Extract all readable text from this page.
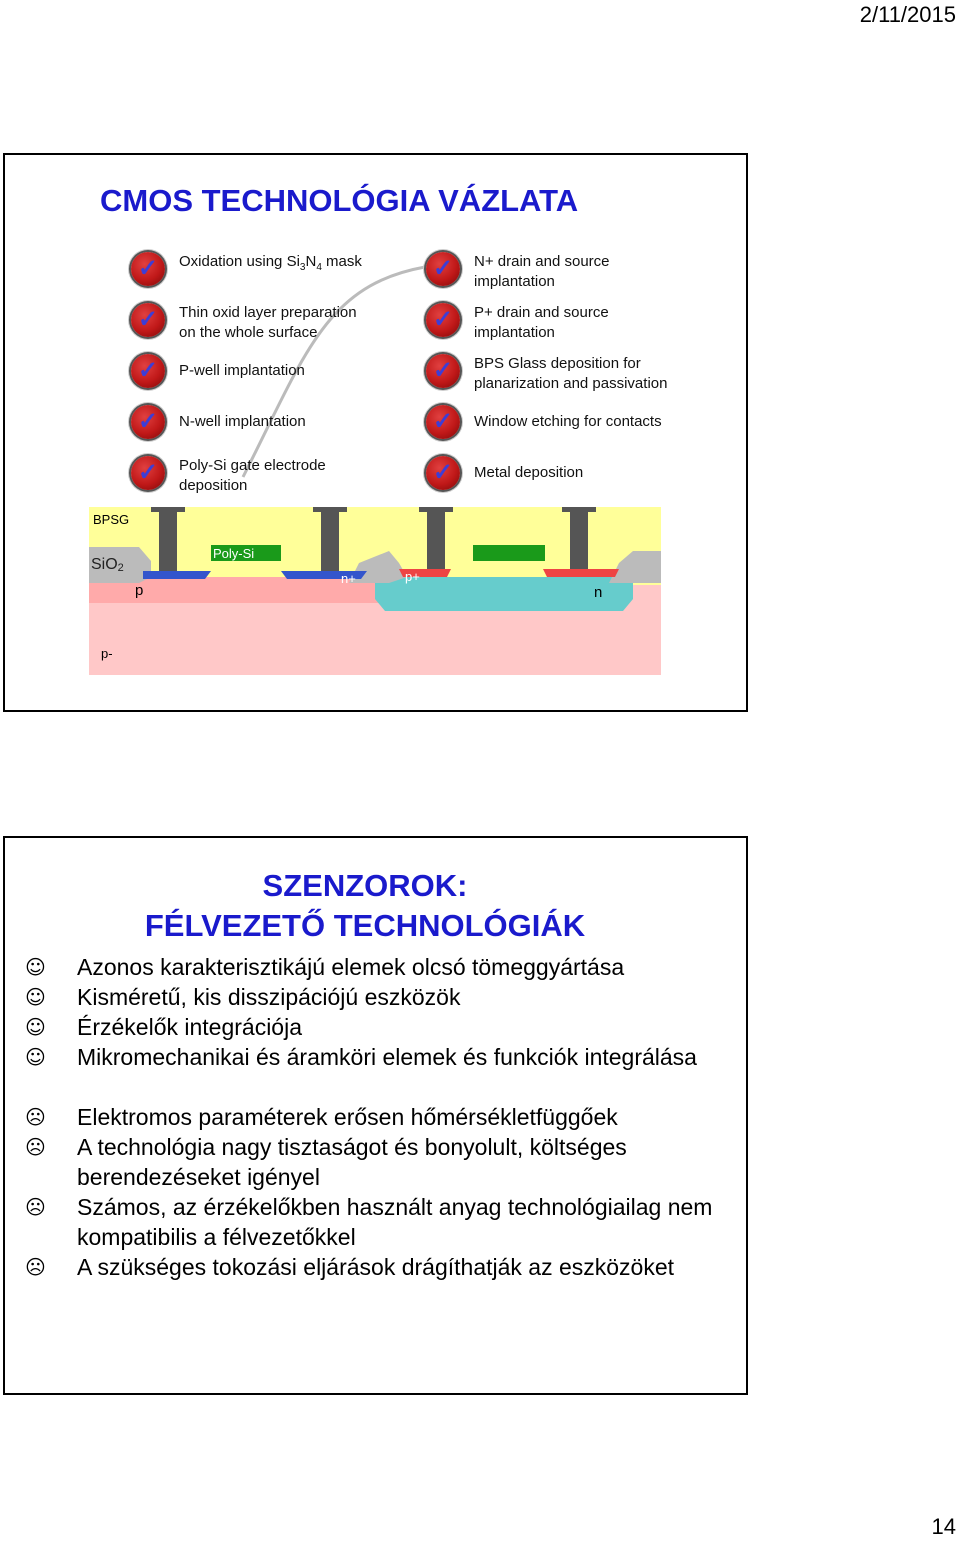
2/11/2015
CMOS TECHNOLÓGIA VÁZLATA
✓	Oxidation using $Si_3N_4$ mask
✓	Thin oxid layer preparation
on the whole surface
✓	P-well implantation
✓	N-well implantation
✓	Poly-Si gate electrode
deposition
✓	N+ drain and source
implantation
✓	P+ drain and source
implantation
✓	BPS Glass deposition for
planarization and passivation
✓	Window etching for contacts
✓	Metal deposition
BPSG
SiO2
Poly-Si
p
n+	p+
n
p-
SZENZOROK:
FÉLVEZETŐ TECHNOLÓGIÁK
☺	Azonos karakterisztikájú elemek olcsó tömeggyártása
☺	Kisméretű, kis disszipációjú eszközök
☺	Érzékelők integrációja
☺	Mikromechanikai és áramköri elemek és funkciók integrálása
☹	Elektromos paraméterek erősen hőmérsékletfüggőek
☹	A technológia nagy tisztaságot és bonyolult, költséges berendezéseket igényel
☹	Számos, az érzékelőkben használt anyag technológiailag nem kompatibilis a félvezetőkkel
☹	A szükséges tokozási eljárások drágíthatják az eszközöket
14
